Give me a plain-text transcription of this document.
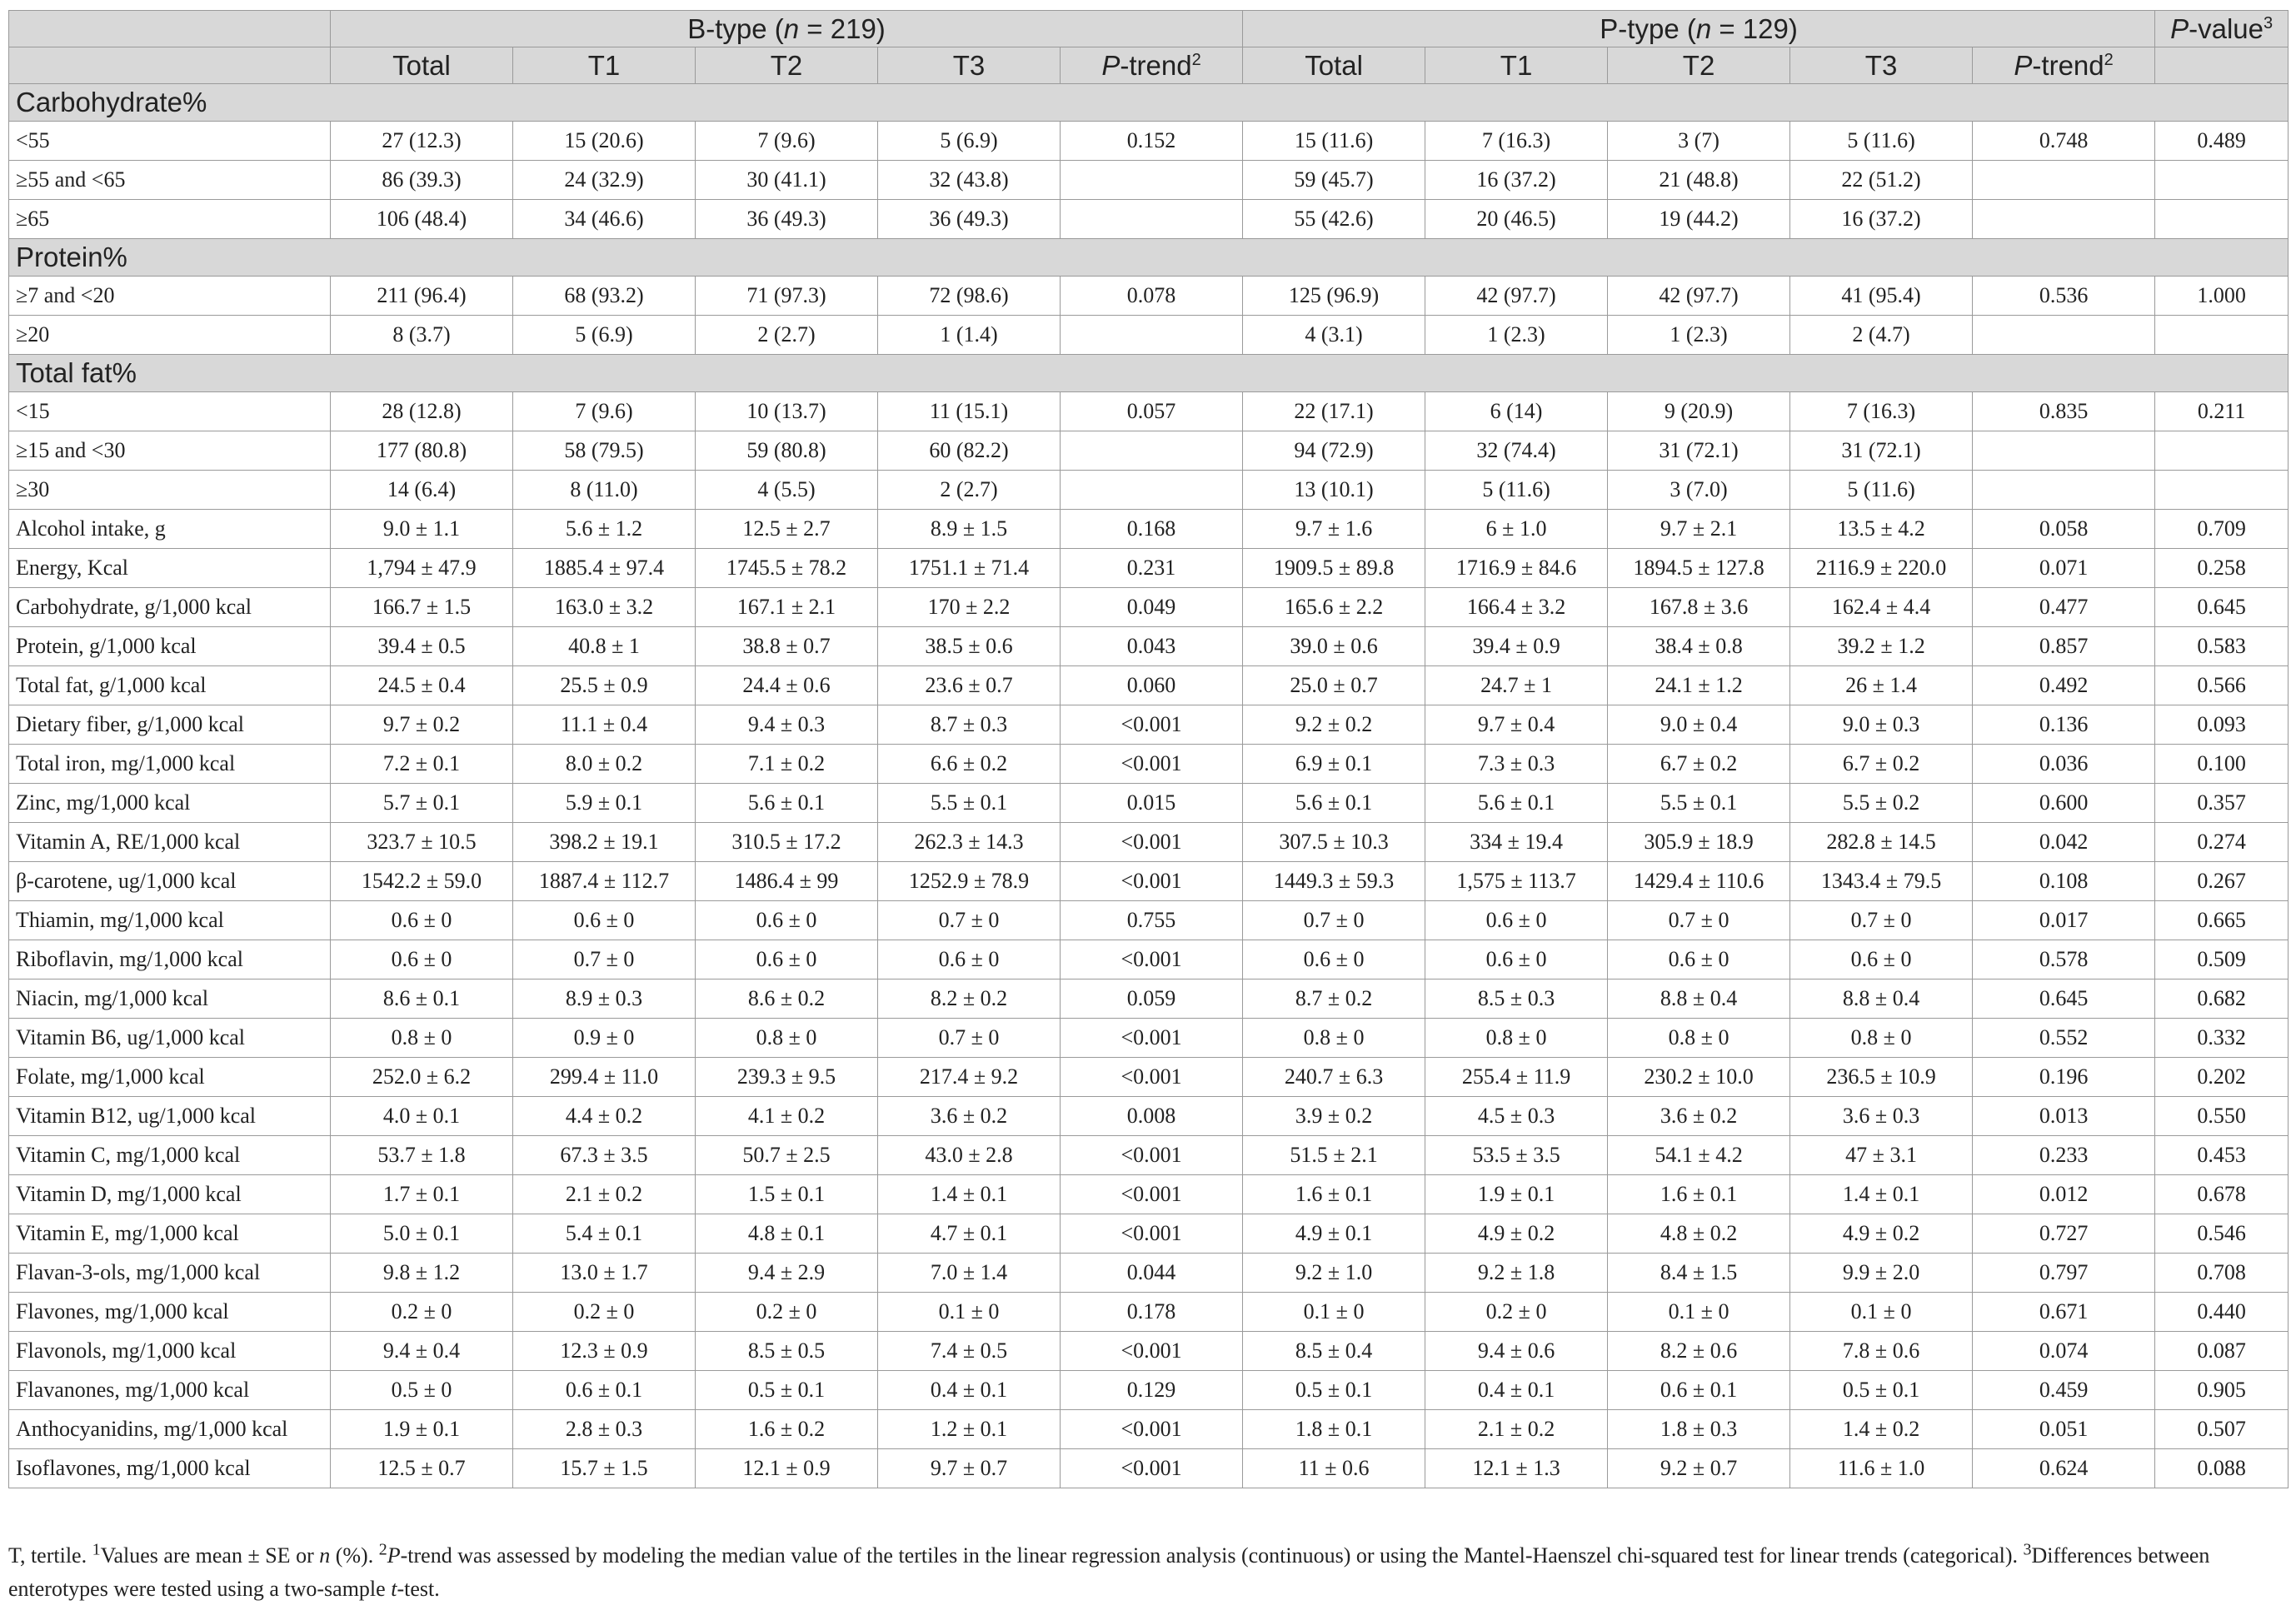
	B-type (n = 219)					P-type (n = 129)					P-value$^3$
	Total	T1	T2	T3	P-trend$^2$	Total	T1	T2	T3	P-trend$^2$	
Carbohydrate%											
<55	27 (12.3)	15 (20.6)	7 (9.6)	5 (6.9)	0.152	15 (11.6)	7 (16.3)	3 (7)	5 (11.6)	0.748	0.489
≥55 and <65	86 (39.3)	24 (32.9)	30 (41.1)	32 (43.8)		59 (45.7)	16 (37.2)	21 (48.8)	22 (51.2)		
≥65	106 (48.4)	34 (46.6)	36 (49.3)	36 (49.3)		55 (42.6)	20 (46.5)	19 (44.2)	16 (37.2)		
Protein%											
≥7 and <20	211 (96.4)	68 (93.2)	71 (97.3)	72 (98.6)	0.078	125 (96.9)	42 (97.7)	42 (97.7)	41 (95.4)	0.536	1.000
≥20	8 (3.7)	5 (6.9)	2 (2.7)	1 (1.4)		4 (3.1)	1 (2.3)	1 (2.3)	2 (4.7)		
Total fat%											
<15	28 (12.8)	7 (9.6)	10 (13.7)	11 (15.1)	0.057	22 (17.1)	6 (14)	9 (20.9)	7 (16.3)	0.835	0.211
≥15 and <30	177 (80.8)	58 (79.5)	59 (80.8)	60 (82.2)		94 (72.9)	32 (74.4)	31 (72.1)	31 (72.1)		
≥30	14 (6.4)	8 (11.0)	4 (5.5)	2 (2.7)		13 (10.1)	5 (11.6)	3 (7.0)	5 (11.6)		
Alcohol intake, g	9.0 ± 1.1	5.6 ± 1.2	12.5 ± 2.7	8.9 ± 1.5	0.168	9.7 ± 1.6	6 ± 1.0	9.7 ± 2.1	13.5 ± 4.2	0.058	0.709
Energy, Kcal	1,794 ± 47.9	1885.4 ± 97.4	1745.5 ± 78.2	1751.1 ± 71.4	0.231	1909.5 ± 89.8	1716.9 ± 84.6	1894.5 ± 127.8	2116.9 ± 220.0	0.071	0.258
Carbohydrate, g/1,000 kcal	166.7 ± 1.5	163.0 ± 3.2	167.1 ± 2.1	170 ± 2.2	0.049	165.6 ± 2.2	166.4 ± 3.2	167.8 ± 3.6	162.4 ± 4.4	0.477	0.645
Protein, g/1,000 kcal	39.4 ± 0.5	40.8 ± 1	38.8 ± 0.7	38.5 ± 0.6	0.043	39.0 ± 0.6	39.4 ± 0.9	38.4 ± 0.8	39.2 ± 1.2	0.857	0.583
Total fat, g/1,000 kcal	24.5 ± 0.4	25.5 ± 0.9	24.4 ± 0.6	23.6 ± 0.7	0.060	25.0 ± 0.7	24.7 ± 1	24.1 ± 1.2	26 ± 1.4	0.492	0.566
Dietary fiber, g/1,000 kcal	9.7 ± 0.2	11.1 ± 0.4	9.4 ± 0.3	8.7 ± 0.3	<0.001	9.2 ± 0.2	9.7 ± 0.4	9.0 ± 0.4	9.0 ± 0.3	0.136	0.093
Total iron, mg/1,000 kcal	7.2 ± 0.1	8.0 ± 0.2	7.1 ± 0.2	6.6 ± 0.2	<0.001	6.9 ± 0.1	7.3 ± 0.3	6.7 ± 0.2	6.7 ± 0.2	0.036	0.100
Zinc, mg/1,000 kcal	5.7 ± 0.1	5.9 ± 0.1	5.6 ± 0.1	5.5 ± 0.1	0.015	5.6 ± 0.1	5.6 ± 0.1	5.5 ± 0.1	5.5 ± 0.2	0.600	0.357
Vitamin A, RE/1,000 kcal	323.7 ± 10.5	398.2 ± 19.1	310.5 ± 17.2	262.3 ± 14.3	<0.001	307.5 ± 10.3	334 ± 19.4	305.9 ± 18.9	282.8 ± 14.5	0.042	0.274
β-carotene, ug/1,000 kcal	1542.2 ± 59.0	1887.4 ± 112.7	1486.4 ± 99	1252.9 ± 78.9	<0.001	1449.3 ± 59.3	1,575 ± 113.7	1429.4 ± 110.6	1343.4 ± 79.5	0.108	0.267
Thiamin, mg/1,000 kcal	0.6 ± 0	0.6 ± 0	0.6 ± 0	0.7 ± 0	0.755	0.7 ± 0	0.6 ± 0	0.7 ± 0	0.7 ± 0	0.017	0.665
Riboflavin, mg/1,000 kcal	0.6 ± 0	0.7 ± 0	0.6 ± 0	0.6 ± 0	<0.001	0.6 ± 0	0.6 ± 0	0.6 ± 0	0.6 ± 0	0.578	0.509
Niacin, mg/1,000 kcal	8.6 ± 0.1	8.9 ± 0.3	8.6 ± 0.2	8.2 ± 0.2	0.059	8.7 ± 0.2	8.5 ± 0.3	8.8 ± 0.4	8.8 ± 0.4	0.645	0.682
Vitamin B6, ug/1,000 kcal	0.8 ± 0	0.9 ± 0	0.8 ± 0	0.7 ± 0	<0.001	0.8 ± 0	0.8 ± 0	0.8 ± 0	0.8 ± 0	0.552	0.332
Folate, mg/1,000 kcal	252.0 ± 6.2	299.4 ± 11.0	239.3 ± 9.5	217.4 ± 9.2	<0.001	240.7 ± 6.3	255.4 ± 11.9	230.2 ± 10.0	236.5 ± 10.9	0.196	0.202
Vitamin B12, ug/1,000 kcal	4.0 ± 0.1	4.4 ± 0.2	4.1 ± 0.2	3.6 ± 0.2	0.008	3.9 ± 0.2	4.5 ± 0.3	3.6 ± 0.2	3.6 ± 0.3	0.013	0.550
Vitamin C, mg/1,000 kcal	53.7 ± 1.8	67.3 ± 3.5	50.7 ± 2.5	43.0 ± 2.8	<0.001	51.5 ± 2.1	53.5 ± 3.5	54.1 ± 4.2	47 ± 3.1	0.233	0.453
Vitamin D, mg/1,000 kcal	1.7 ± 0.1	2.1 ± 0.2	1.5 ± 0.1	1.4 ± 0.1	<0.001	1.6 ± 0.1	1.9 ± 0.1	1.6 ± 0.1	1.4 ± 0.1	0.012	0.678
Vitamin E, mg/1,000 kcal	5.0 ± 0.1	5.4 ± 0.1	4.8 ± 0.1	4.7 ± 0.1	<0.001	4.9 ± 0.1	4.9 ± 0.2	4.8 ± 0.2	4.9 ± 0.2	0.727	0.546
Flavan-3-ols, mg/1,000 kcal	9.8 ± 1.2	13.0 ± 1.7	9.4 ± 2.9	7.0 ± 1.4	0.044	9.2 ± 1.0	9.2 ± 1.8	8.4 ± 1.5	9.9 ± 2.0	0.797	0.708
Flavones, mg/1,000 kcal	0.2 ± 0	0.2 ± 0	0.2 ± 0	0.1 ± 0	0.178	0.1 ± 0	0.2 ± 0	0.1 ± 0	0.1 ± 0	0.671	0.440
Flavonols, mg/1,000 kcal	9.4 ± 0.4	12.3 ± 0.9	8.5 ± 0.5	7.4 ± 0.5	<0.001	8.5 ± 0.4	9.4 ± 0.6	8.2 ± 0.6	7.8 ± 0.6	0.074	0.087
Flavanones, mg/1,000 kcal	0.5 ± 0	0.6 ± 0.1	0.5 ± 0.1	0.4 ± 0.1	0.129	0.5 ± 0.1	0.4 ± 0.1	0.6 ± 0.1	0.5 ± 0.1	0.459	0.905
Anthocyanidins, mg/1,000 kcal	1.9 ± 0.1	2.8 ± 0.3	1.6 ± 0.2	1.2 ± 0.1	<0.001	1.8 ± 0.1	2.1 ± 0.2	1.8 ± 0.3	1.4 ± 0.2	0.051	0.507
Isoflavones, mg/1,000 kcal	12.5 ± 0.7	15.7 ± 1.5	12.1 ± 0.9	9.7 ± 0.7	<0.001	11 ± 0.6	12.1 ± 1.3	9.2 ± 0.7	11.6 ± 1.0	0.624	0.088
T, tertile. $^1$Values are mean ± SE or n (%). $^2$P-trend was assessed by modeling the median value of the tertiles in the linear regression analysis (continuous) or using the Mantel-Haenszel chi-squared test for linear trends (categorical). $^3$Differences between enterotypes were tested using a two-sample t-test.
